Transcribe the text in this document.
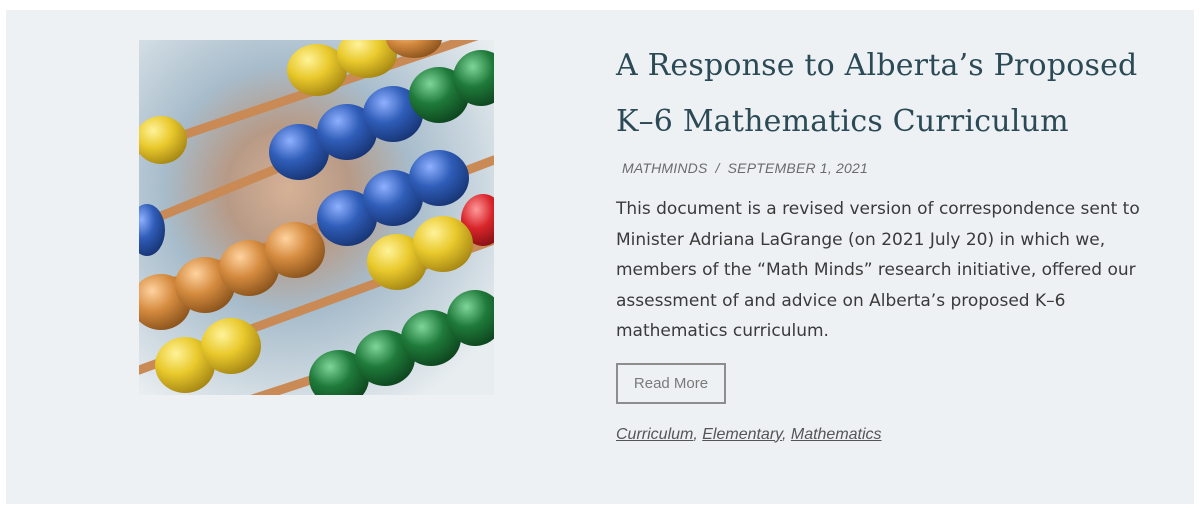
A Response to Alberta’s Proposed K–6 Mathematics Curriculum
MATHMINDS / SEPTEMBER 1, 2021
This document is a revised version of correspondence sent to Minister Adriana LaGrange (on 2021 July 20) in which we, members of the “Math Minds” research initiative, offered our assessment of and advice on Alberta’s proposed K–6 mathematics curriculum.
Read More
Curriculum, Elementary, Mathematics
